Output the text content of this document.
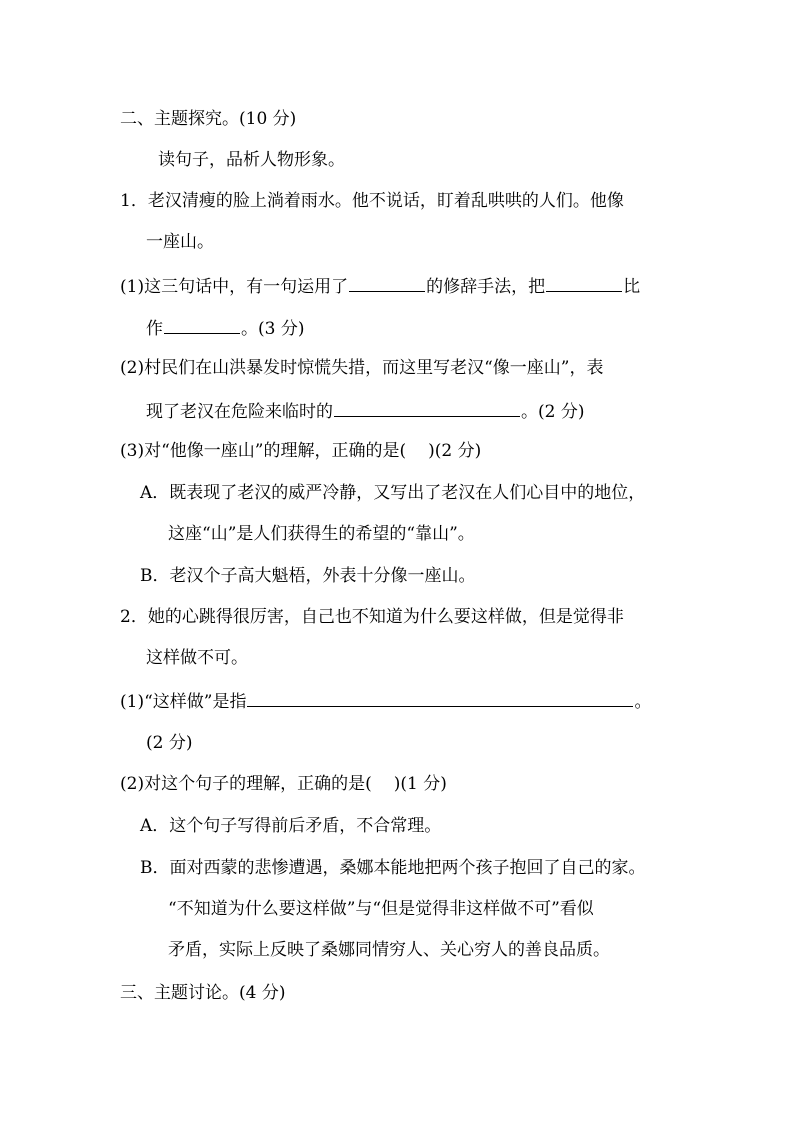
二、主题探究。(10 分)
读句子，品析人物形象。
1．老汉清瘦的脸上淌着雨水。他不说话，盯着乱哄哄的人们。他像
一座山。
(1)这三句话中，有一句运用了	的修辞手法，把	比
作	。(3 分)
(2)村民们在山洪暴发时惊慌失措，而这里写老汉“像一座山”，表
现了老汉在危险来临时的	。(2 分)
(3)对“他像一座山”的理解，正确的是( )(2 分)
A．既表现了老汉的威严冷静，又写出了老汉在人们心目中的地位，
这座“山”是人们获得生的希望的“靠山”。
B．老汉个子高大魁梧，外表十分像一座山。
2．她的心跳得很厉害，自己也不知道为什么要这样做，但是觉得非
这样做不可。
(1)“这样做”是指	。
(2 分)
(2)对这个句子的理解，正确的是( )(1 分)
A．这个句子写得前后矛盾，不合常理。
B．面对西蒙的悲惨遭遇，桑娜本能地把两个孩子抱回了自己的家。
“不知道为什么要这样做”与“但是觉得非这样做不可”看似
矛盾，实际上反映了桑娜同情穷人、关心穷人的善良品质。
三、主题讨论。(4 分)
